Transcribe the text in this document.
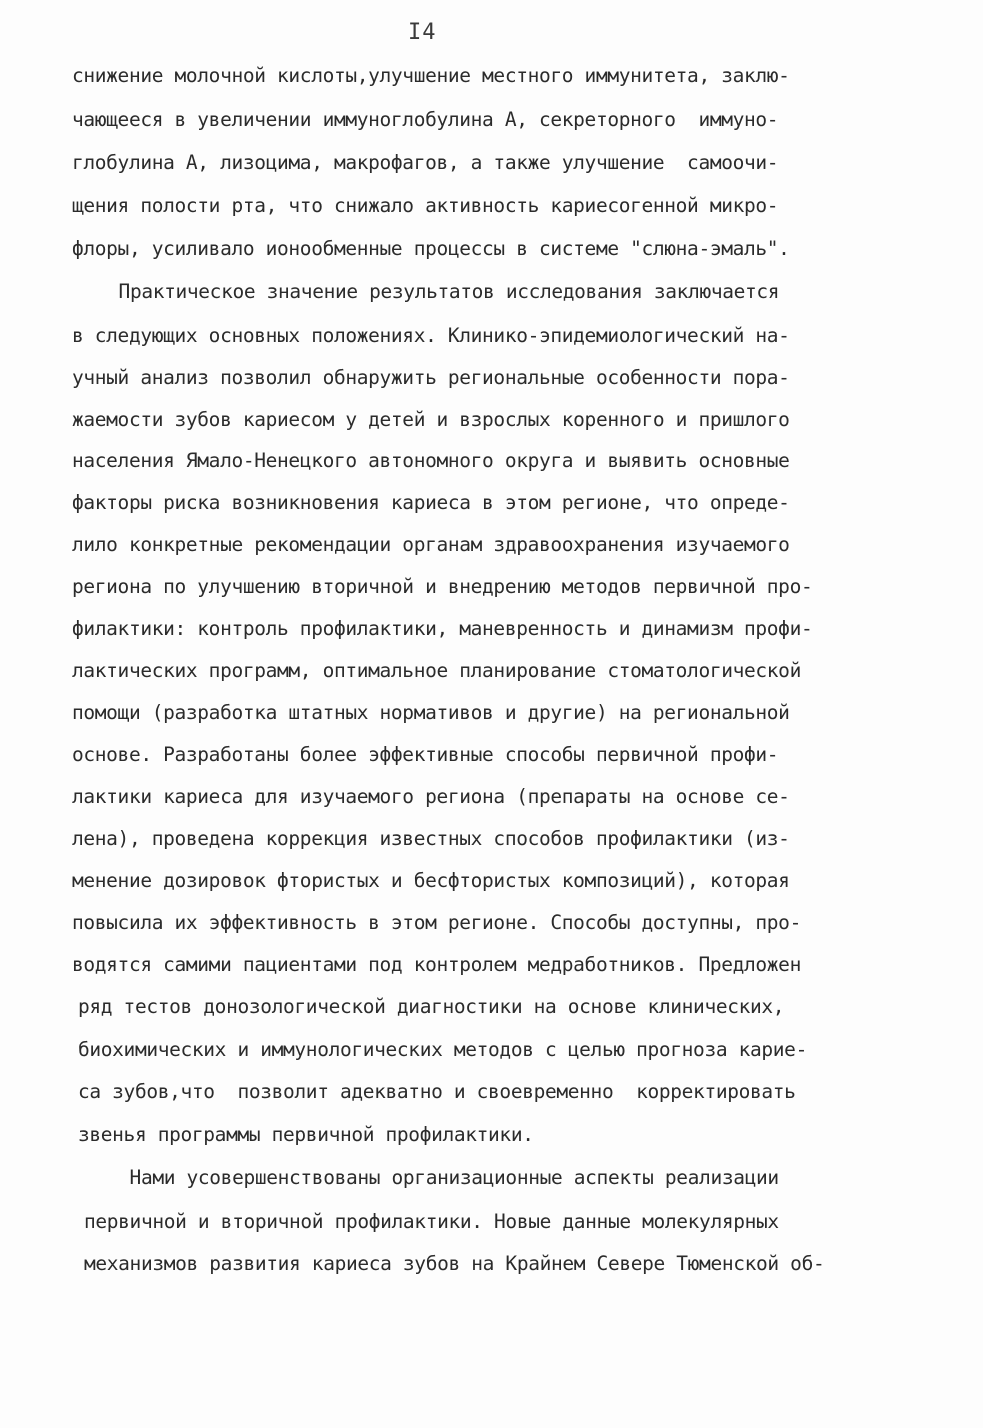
I4
снижение молочной кислоты,улучшение местного иммунитета, заклю-
чающееся в увеличении иммуноглобулина А, секреторного  иммуно-
глобулина А, лизоцима, макрофагов, а также улучшение  самоочи-
щения полости рта, что снижало активность кариесогенной микро-
флоры, усиливало ионообменные процессы в системе "слюна-эмаль".
Практическое значение результатов исследования заключается
в следующих основных положениях. Клинико-эпидемиологический на-
учный анализ позволил обнаружить региональные особенности пора-
жаемости зубов кариесом у детей и взрослых коренного и пришлого
населения Ямало-Ненецкого автономного округа и выявить основные
факторы риска возникновения кариеса в этом регионе, что опреде-
лило конкретные рекомендации органам здравоохранения изучаемого
региона по улучшению вторичной и внедрению методов первичной про-
филактики: контроль профилактики, маневренность и динамизм профи-
лактических программ, оптимальное планирование стоматологической
помощи (разработка штатных нормативов и другие) на региональной
основе. Разработаны более эффективные способы первичной профи-
лактики кариеса для изучаемого региона (препараты на основе се-
лена), проведена коррекция известных способов профилактики (из-
менение дозировок фтористых и бесфтористых композиций), которая
повысила их эффективность в этом регионе. Способы доступны, про-
водятся самими пациентами под контролем медработников. Предложен
ряд тестов донозологической диагностики на основе клинических,
биохимических и иммунологических методов с целью прогноза карие-
са зубов,что  позволит адекватно и своевременно  корректировать
звенья программы первичной профилактики.
Нами усовершенствованы организационные аспекты реализации
первичной и вторичной профилактики. Новые данные молекулярных
механизмов развития кариеса зубов на Крайнем Севере Тюменской об-
